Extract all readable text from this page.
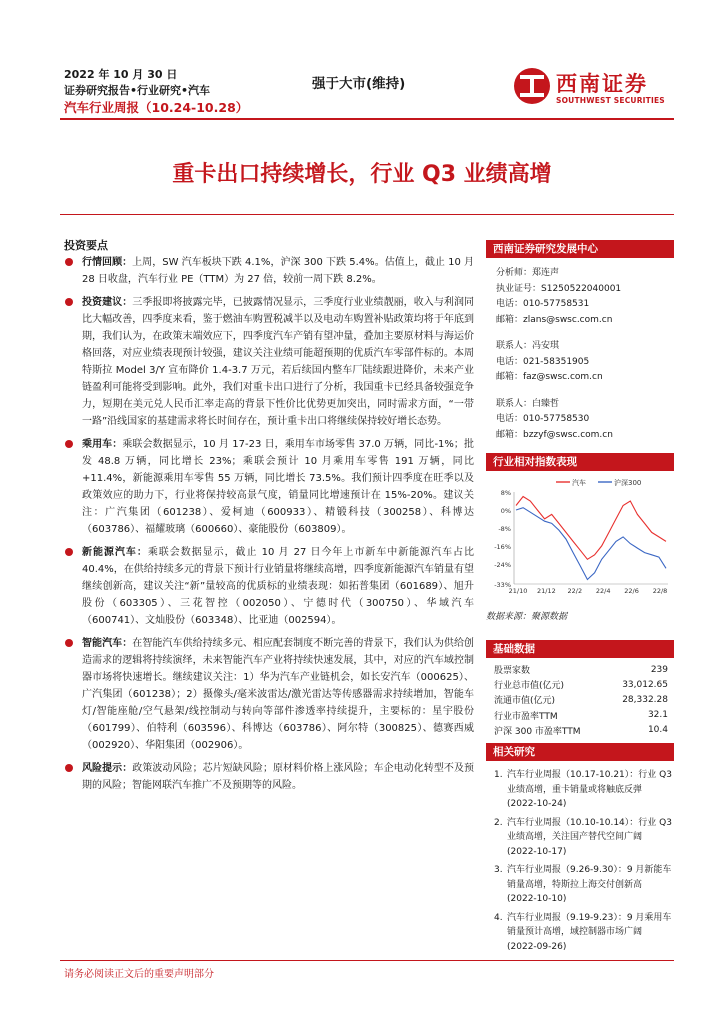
2022 年 10 月 30 日
证券研究报告•行业研究•汽车
汽车行业周报（10.24-10.28）
强于大市(维持)	西南证券
SOUTHWEST SECURITIES
重卡出口持续增长，行业 Q3 业绩高增
投资要点
行情回顾：上周，SW 汽车板块下跌 4.1%，沪深 300 下跌 5.4%。估值上，截止 10 月 28 日收盘，汽车行业 PE（TTM）为 27 倍，较前一周下跌 8.2%。
投资建议：三季报即将披露完毕，已披露情况显示，三季度行业业绩靓丽，收入与利润同比大幅改善，四季度来看，鉴于燃油车购置税减半以及电动车购置补贴政策均将于年底到期，我们认为，在政策末端效应下，四季度汽车产销有望冲量，叠加主要原材料与海运价格回落，对应业绩表现预计较强，建议关注业绩可能超预期的优质汽车零部件标的。本周特斯拉 Model 3/Y 宣布降价 1.4-3.7 万元，若后续国内整车厂陆续跟进降价，未来产业链盈利可能将受到影响。此外，我们对重卡出口进行了分析，我国重卡已经具备较强竞争力，短期在美元兑人民币汇率走高的背景下性价比优势更加突出，同时需求方面，“一带一路”沿线国家的基建需求将长时间存在，预计重卡出口将继续保持较好增长态势。
乘用车：乘联会数据显示，10 月 17-23 日，乘用车市场零售 37.0 万辆，同比-1%；批发 48.8 万辆，同比增长 23%；乘联会预计 10 月乘用车零售 191 万辆，同比+11.4%，新能源乘用车零售 55 万辆，同比增长 73.5%。我们预计四季度在旺季以及政策效应的助力下，行业将保持较高景气度，销量同比增速预计在 15%-20%。建议关注：广汽集团（601238）、爱柯迪（600933）、精锻科技（300258）、科博达（603786）、福耀玻璃（600660）、豪能股份（603809）。
新能源汽车：乘联会数据显示，截止 10 月 27 日今年上市新车中新能源汽车占比 40.4%，在供给持续多元的背景下预计行业销量将继续高增，四季度新能源汽车销量有望继续创新高，建议关注“新”量较高的优质标的业绩表现：如拓普集团（601689）、旭升股份（603305）、三花智控（002050）、宁德时代（300750）、华域汽车（600741）、文灿股份（603348）、比亚迪（002594）。
智能汽车：在智能汽车供给持续多元、相应配套制度不断完善的背景下，我们认为供给创造需求的逻辑将持续演绎，未来智能汽车产业将持续快速发展，其中，对应的汽车域控制器市场将快速增长。继续建议关注：1）华为汽车产业链机会，如长安汽车（000625）、广汽集团（601238）；2）摄像头/毫米波雷达/激光雷达等传感器需求持续增加，智能车灯/智能座舱/空气悬架/线控制动与转向等部件渗透率持续提升，主要标的：星宇股份（601799）、伯特利（603596）、科博达（603786）、阿尔特（300825）、德赛西威（002920）、华阳集团（002906）。
风险提示：政策波动风险；芯片短缺风险；原材料价格上涨风险；车企电动化转型不及预期的风险；智能网联汽车推广不及预期等的风险。
西南证券研究发展中心
分析师：郑连声
执业证号：S1250522040001
电话：010-57758531
邮箱：zlans@swsc.com.cn
联系人：冯安琪
电话：021-58351905
邮箱：faz@swsc.com.cn
联系人：白臻哲
电话：010-57758530
邮箱：bzzyf@swsc.com.cn
行业相对指数表现
8%
0%
-8%
-16%
-24%
-33%
21/10 21/12 22/2 22/4 22/6 22/8
汽车	沪深300
数据来源：聚源数据
基础数据
股票家数	239
行业总市值(亿元)	33,012.65
流通市值(亿元)	28,332.28
行业市盈率TTM	32.1
沪深 300 市盈率TTM	10.4
相关研究
1. 汽车行业周报（10.17-10.21）：行业 Q3 业绩高增，重卡销量或将触底反弹
(2022-10-24)
2. 汽车行业周报（10.10-10.14）：行业 Q3 业绩高增，关注国产替代空间广阔
(2022-10-17)
3. 汽车行业周报（9.26-9.30）：9 月新能车销量高增，特斯拉上海交付创新高
(2022-10-10)
4. 汽车行业周报（9.19-9.23）：9 月乘用车销量预计高增，域控制器市场广阔
(2022-09-26)
请务必阅读正文后的重要声明部分
